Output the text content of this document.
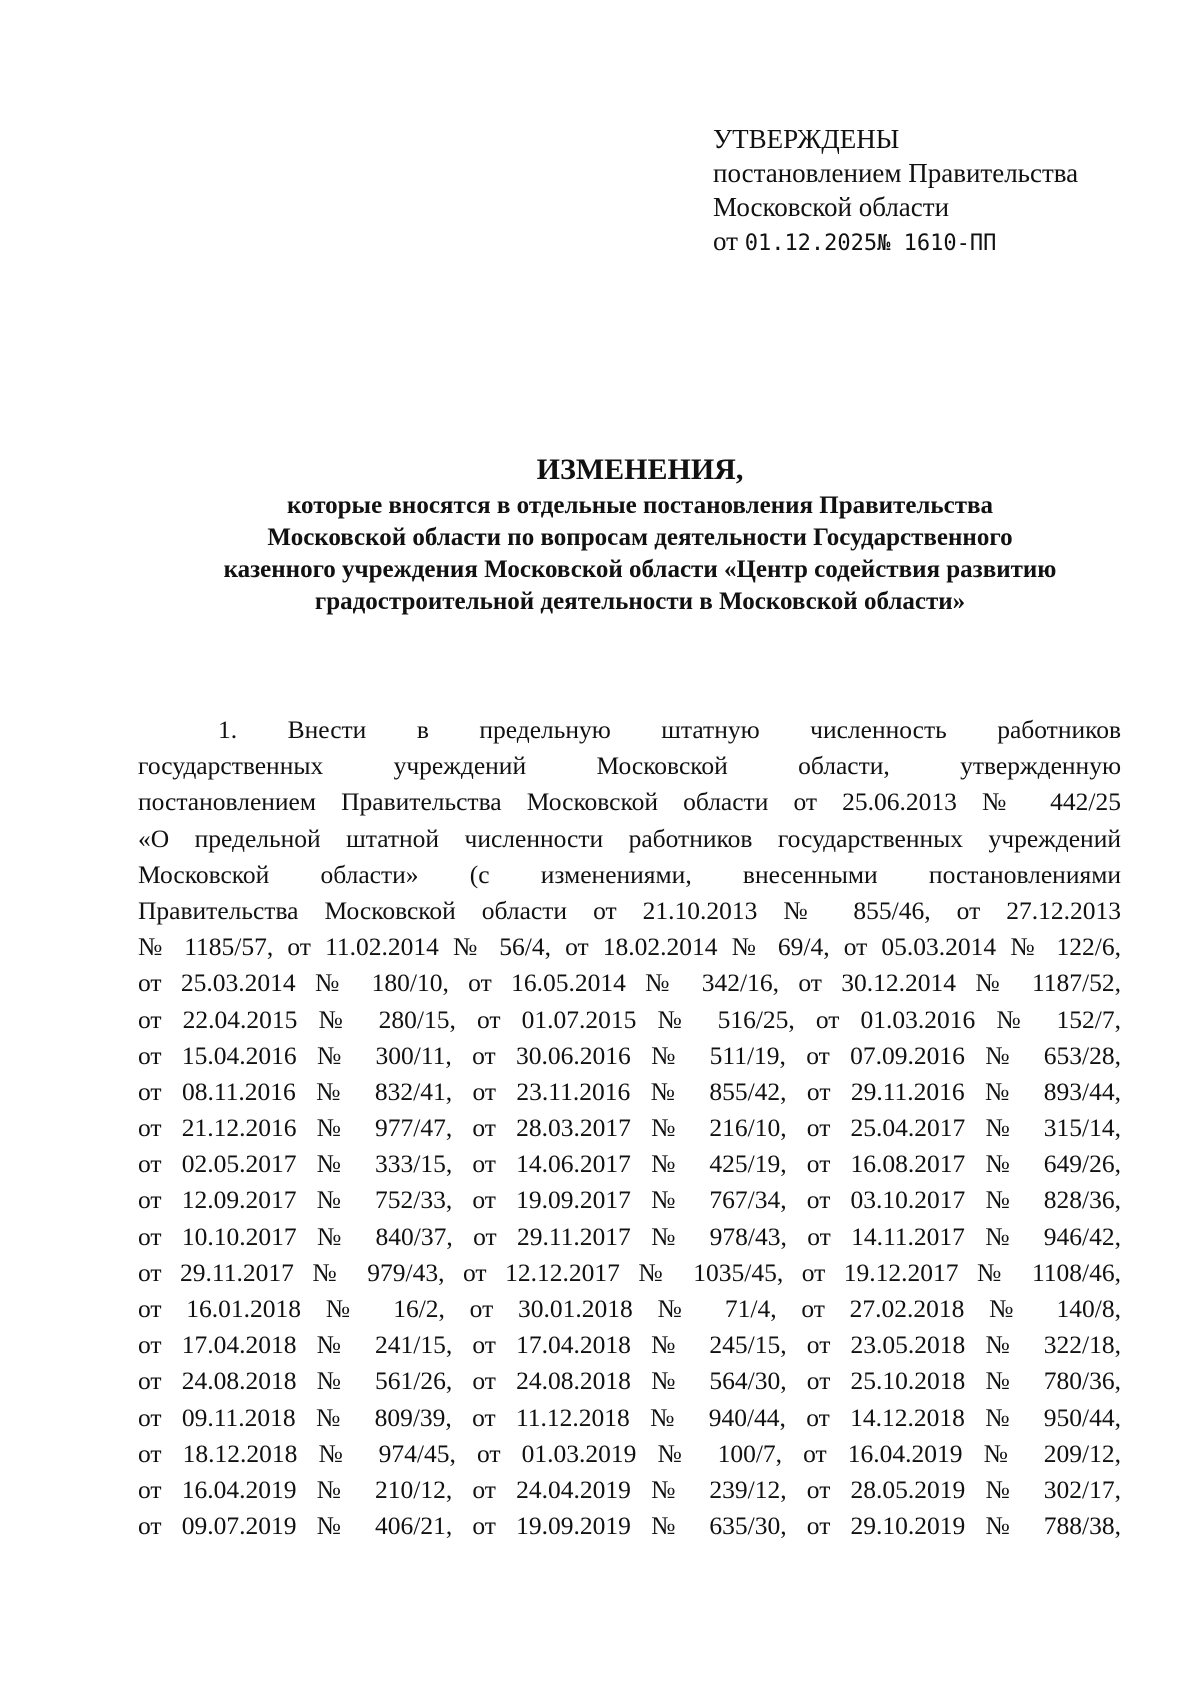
УТВЕРЖДЕНЫ
постановлением Правительства
Московской области
от 01.12.2025№ 1610-ПП
ИЗМЕНЕНИЯ,
которые вносятся в отдельные постановления Правительства
Московской области по вопросам деятельности Государственного
казенного учреждения Московской области «Центр содействия развитию
градостроительной деятельности в Московской области»
1. Внести в предельную штатную численность работников
государственных учреждений Московской области, утвержденную
постановлением Правительства Московской области от 25.06.2013 № 442/25
«О предельной штатной численности работников государственных учреждений
Московской области» (с изменениями, внесенными постановлениями
Правительства Московской области от 21.10.2013 № 855/46, от 27.12.2013
№ 1185/57, от 11.02.2014 № 56/4, от 18.02.2014 № 69/4, от 05.03.2014 № 122/6,
от 25.03.2014 № 180/10, от 16.05.2014 № 342/16, от 30.12.2014 № 1187/52,
от 22.04.2015 № 280/15, от 01.07.2015 № 516/25, от 01.03.2016 № 152/7,
от 15.04.2016 № 300/11, от 30.06.2016 № 511/19, от 07.09.2016 № 653/28,
от 08.11.2016 № 832/41, от 23.11.2016 № 855/42, от 29.11.2016 № 893/44,
от 21.12.2016 № 977/47, от 28.03.2017 № 216/10, от 25.04.2017 № 315/14,
от 02.05.2017 № 333/15, от 14.06.2017 № 425/19, от 16.08.2017 № 649/26,
от 12.09.2017 № 752/33, от 19.09.2017 № 767/34, от 03.10.2017 № 828/36,
от 10.10.2017 № 840/37, от 29.11.2017 № 978/43, от 14.11.2017 № 946/42,
от 29.11.2017 № 979/43, от 12.12.2017 № 1035/45, от 19.12.2017 № 1108/46,
от 16.01.2018 № 16/2, от 30.01.2018 № 71/4, от 27.02.2018 № 140/8,
от 17.04.2018 № 241/15, от 17.04.2018 № 245/15, от 23.05.2018 № 322/18,
от 24.08.2018 № 561/26, от 24.08.2018 № 564/30, от 25.10.2018 № 780/36,
от 09.11.2018 № 809/39, от 11.12.2018 № 940/44, от 14.12.2018 № 950/44,
от 18.12.2018 № 974/45, от 01.03.2019 № 100/7, от 16.04.2019 № 209/12,
от 16.04.2019 № 210/12, от 24.04.2019 № 239/12, от 28.05.2019 № 302/17,
от 09.07.2019 № 406/21, от 19.09.2019 № 635/30, от 29.10.2019 № 788/38,
